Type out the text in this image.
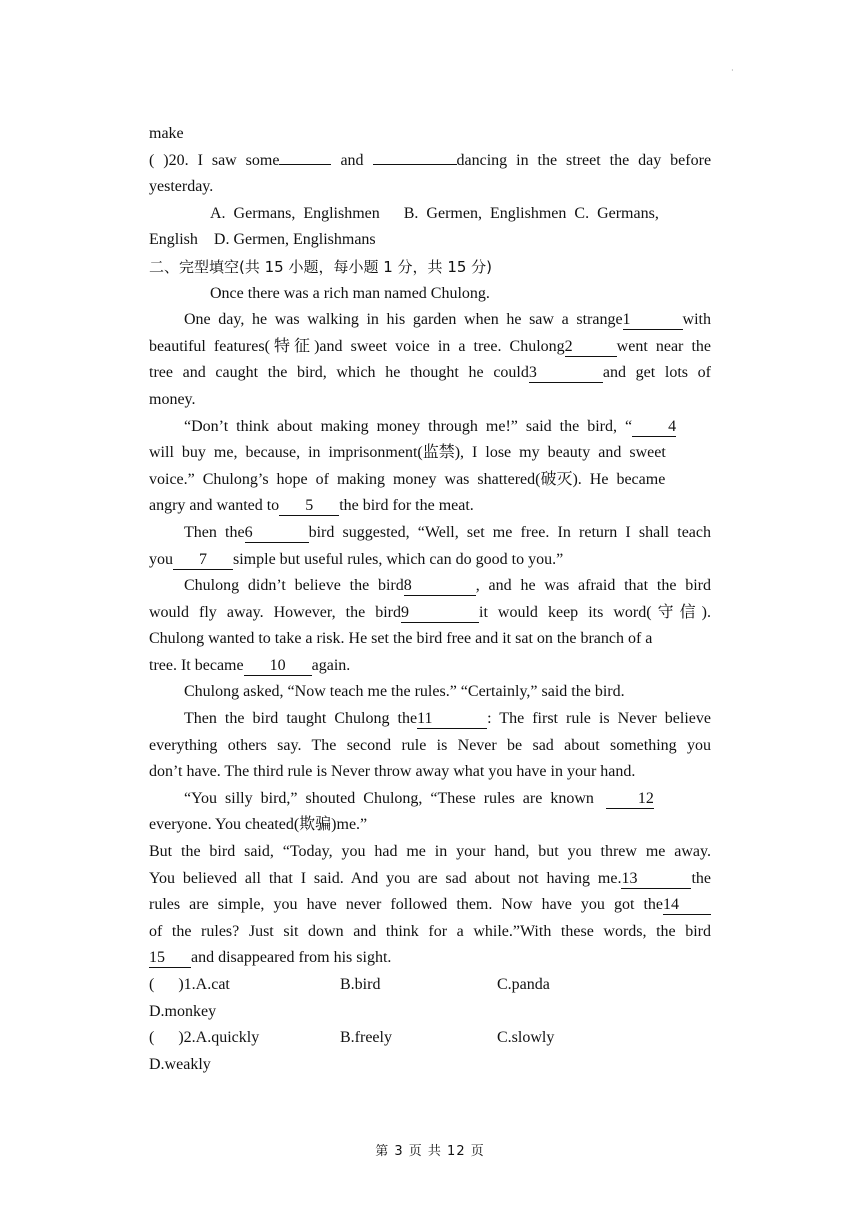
·
make
( )20. I saw some	and	dancing in the street the day before
yesterday.
A.  Germans,  Englishmen      B.  Germen,  Englishmen  C.  Germans,
English    D. Germen, Englishmans
二、完型填空(共 15 小题，每小题 1 分，共 15 分)
Once there was a rich man named Chulong.
One day, he was walking in his garden when he saw a strange1	with
beautiful features(特征)and sweet voice in a tree. Chulong2	went near the
tree and caught the bird, which he thought he could3	and get lots of
money.
“Don’t  think  about  making  money  through  me!”  said  the  bird,  “ 4
will  buy  me,  because,  in  imprisonment(监禁),  I  lose  my  beauty  and  sweet
voice.”  Chulong’s  hope  of  making  money  was  shattered(破灭).  He  became
angry and wanted to 5 the bird for the meat.
Then the6	bird suggested, “Well, set me free. In return I shall teach
you 7 simple but useful rules, which can do good to you.”
Chulong didn’t believe the bird8	, and he was afraid that the bird
would fly away. However, the bird9	it would keep its word(守信).
Chulong wanted to take a risk. He set the bird free and it sat on the branch of a
tree. It became 10 again.
Chulong asked, “Now teach me the rules.” “Certainly,” said the bird.
Then the bird taught Chulong the11	: The first rule is Never believe
everything others say. The second rule is Never be sad about something you
don’t have. The third rule is Never throw away what you have in your hand.
“You  silly  bird,”  shouted  Chulong,  “These  rules  are  known	12
everyone. You cheated(欺骗)me.”
But the bird said, “Today, you had me in your hand, but you threw me away.
You believed all that I said. And you are sad about not having me.13	the
rules are simple, you have never followed them. Now have you got the14
of the rules? Just sit down and think for a while.”With these words, the bird
15 and disappeared from his sight.
(      )1.A.cat	B.bird	C.panda
D.monkey
(      )2.A.quickly	B.freely	C.slowly
D.weakly
第 3 页 共 12 页
